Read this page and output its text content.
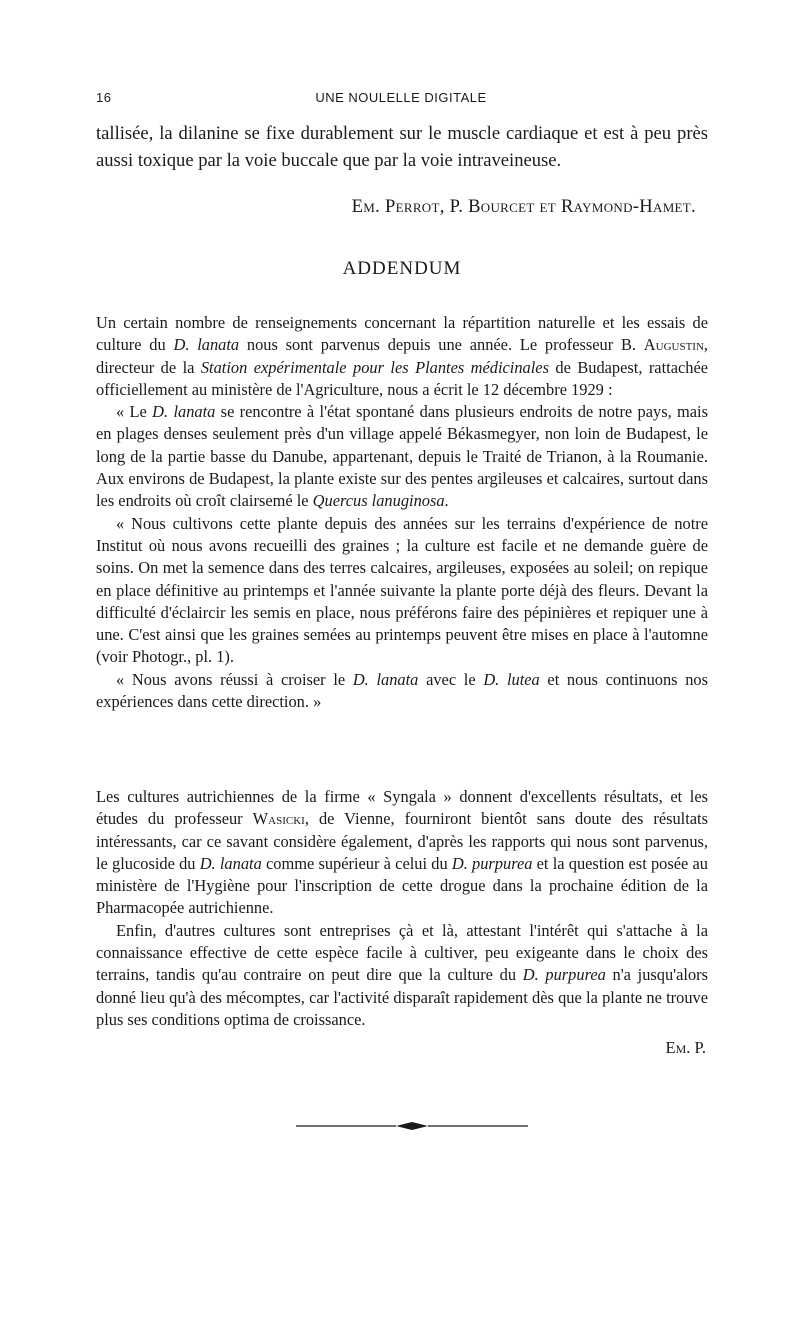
16	UNE NOULELLE DIGITALE

tallisée, la dilanine se fixe durablement sur le muscle cardiaque et est à peu près aussi toxique par la voie buccale que par la voie intraveineuse.

Em. Perrot, P. Bourcet et Raymond-Hamet.
ADDENDUM

Un certain nombre de renseignements concernant la répartition naturelle et les essais de culture du D. lanata nous sont parvenus depuis une année. Le professeur B. Augustin, directeur de la Station expérimentale pour les Plantes médicinales de Budapest, rattachée officiellement au ministère de l'Agriculture, nous a écrit le 12 décembre 1929 :

« Le D. lanata se rencontre à l'état spontané dans plusieurs endroits de notre pays, mais en plages denses seulement près d'un village appelé Békasmegyer, non loin de Budapest, le long de la partie basse du Danube, appartenant, depuis le Traité de Trianon, à la Roumanie. Aux environs de Budapest, la plante existe sur des pentes argileuses et calcaires, surtout dans les endroits où croît clairsemé le Quercus lanuginosa.

« Nous cultivons cette plante depuis des années sur les terrains d'expérience de notre Institut où nous avons recueilli des graines ; la culture est facile et ne demande guère de soins. On met la semence dans des terres calcaires, argileuses, exposées au soleil; on repique en place définitive au printemps et l'année suivante la plante porte déjà des fleurs. Devant la difficulté d'éclaircir les semis en place, nous préférons faire des pépinières et repiquer une à une. C'est ainsi que les graines semées au printemps peuvent être mises en place à l'automne (voir Photogr., pl. 1).

« Nous avons réussi à croiser le D. lanata avec le D. lutea et nous continuons nos expériences dans cette direction. »

Les cultures autrichiennes de la firme « Syngala » donnent d'excellents résultats, et les études du professeur Wasicki, de Vienne, fourniront bientôt sans doute des résultats intéressants, car ce savant considère également, d'après les rapports qui nous sont parvenus, le glucoside du D. lanata comme supérieur à celui du D. purpurea et la question est posée au ministère de l'Hygiène pour l'inscription de cette drogue dans la prochaine édition de la Pharmacopée autrichienne.

Enfin, d'autres cultures sont entreprises çà et là, attestant l'intérêt qui s'attache à la connaissance effective de cette espèce facile à cultiver, peu exigeante dans le choix des terrains, tandis qu'au contraire on peut dire que la culture du D. purpurea n'a jusqu'alors donné lieu qu'à des mécomptes, car l'activité disparaît rapidement dès que la plante ne trouve plus ses conditions optima de croissance.

Em. P.
